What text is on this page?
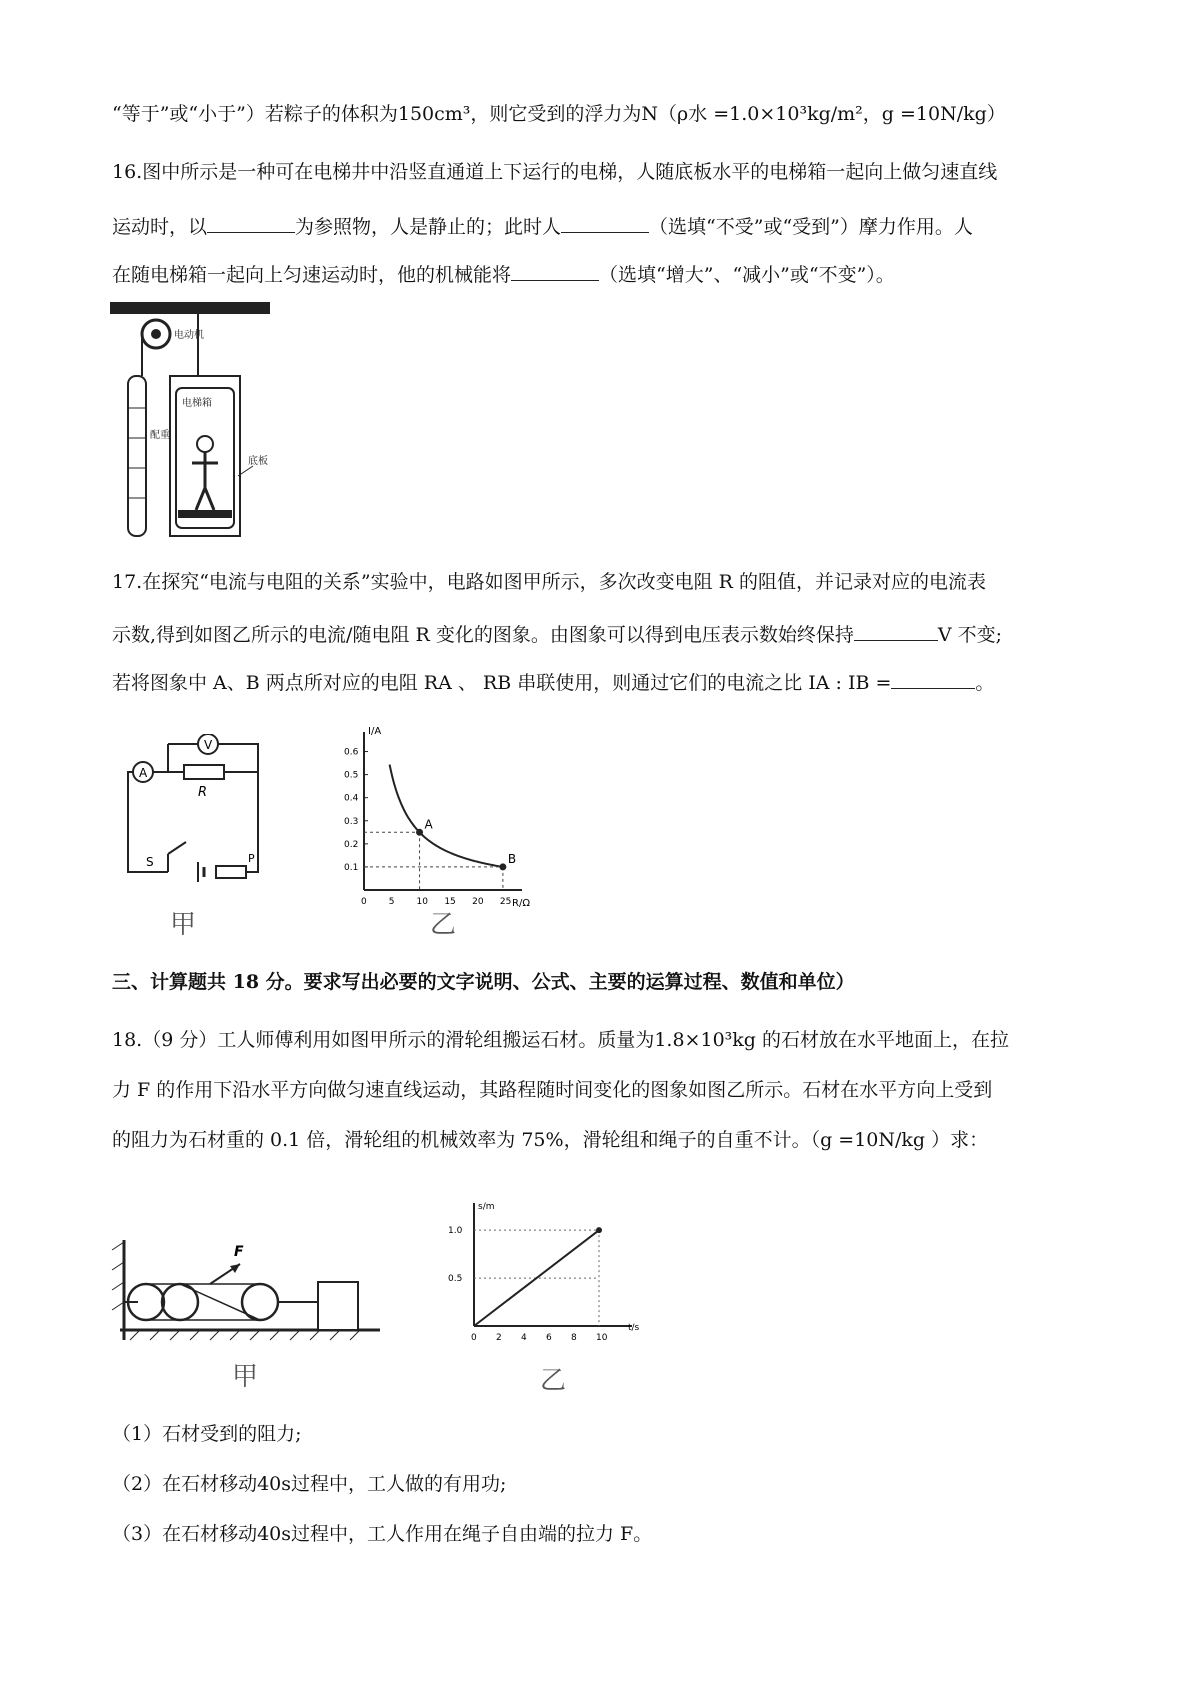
“等于”或“小于”）若粽子的体积为150cm³，则它受到的浮力为N（ρ水 =1.0×10³kg/m²，g =10N/kg）
16.图中所示是一种可在电梯井中沿竖直通道上下运行的电梯，人随底板水平的电梯箱一起向上做匀速直线
运动时，以	为参照物，人是静止的；此时人	（选填“不受”或“受到”）摩力作用。人
在随电梯箱一起向上匀速运动时，他的机械能将	（选填“增大”、“减小”或“不变”）。
电动机
配重
电梯箱
底板
17.在探究“电流与电阻的关系”实验中，电路如图甲所示，多次改变电阻 R 的阻值，并记录对应的电流表
示数,得到如图乙所示的电流/随电阻 R 变化的图象。由图象可以得到电压表示数始终保持	V 不变;
若将图象中 A、B 两点所对应的电阻 RA 、 RB 串联使用，则通过它们的电流之比 IA : IB =	。
V
R
A
S	P
甲
I/A
R/Ω
0 5 10 15 20 25
0.1
0.2
0.3
0.4
0.5
0.6
A
B
乙
三、计算题共 18 分。要求写出必要的文字说明、公式、主要的运算过程、数值和单位）
18.（9 分）工人师傅利用如图甲所示的滑轮组搬运石材。质量为1.8×10³kg 的石材放在水平地面上，在拉
力 F 的作用下沿水平方向做匀速直线运动，其路程随时间变化的图象如图乙所示。石材在水平方向上受到
的阻力为石材重的 0.1 倍，滑轮组的机械效率为 75%，滑轮组和绳子的自重不计。（g =10N/kg ）求：
F
甲
s/m
t/s
0 2 4 6 8 10
0.5
1.0
乙
（1）石材受到的阻力;
（2）在石材移动40s过程中，工人做的有用功;
（3）在石材移动40s过程中，工人作用在绳子自由端的拉力 F。
